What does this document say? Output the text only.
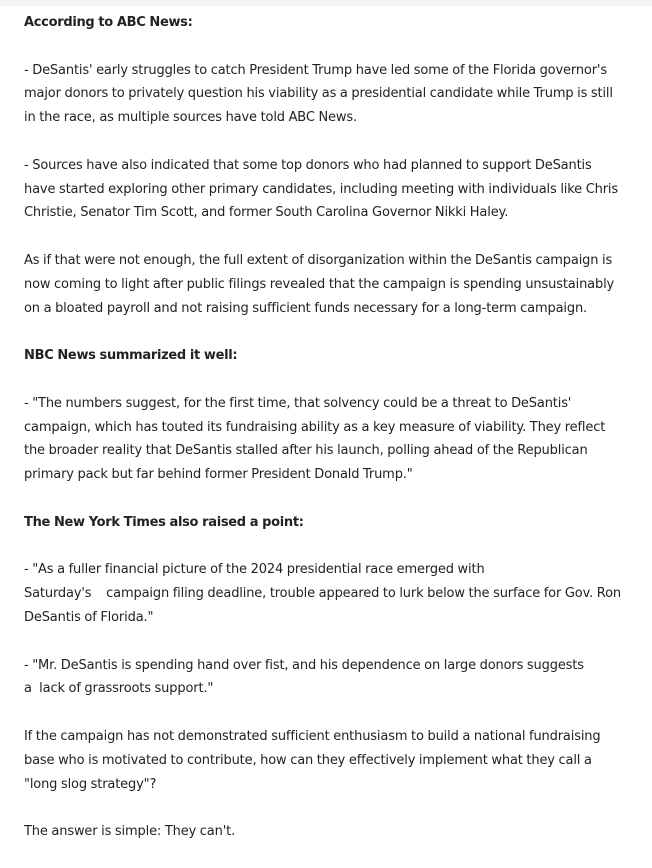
According to ABC News:

- DeSantis' early struggles to catch President Trump have led some of the Florida governor's
major donors to privately question his viability as a presidential candidate while Trump is still
in the race, as multiple sources have told ABC News.

- Sources have also indicated that some top donors who had planned to support DeSantis
have started exploring other primary candidates, including meeting with individuals like Chris
Christie, Senator Tim Scott, and former South Carolina Governor Nikki Haley.

As if that were not enough, the full extent of disorganization within the DeSantis campaign is
now coming to light after public filings revealed that the campaign is spending unsustainably
on a bloated payroll and not raising sufficient funds necessary for a long-term campaign.

NBC News summarized it well:

- "The numbers suggest, for the first time, that solvency could be a threat to DeSantis'
campaign, which has touted its fundraising ability as a key measure of viability. They reflect
the broader reality that DeSantis stalled after his launch, polling ahead of the Republican
primary pack but far behind former President Donald Trump."

The New York Times also raised a point:

- "As a fuller financial picture of the 2024 presidential race emerged with
Saturday's    campaign filing deadline, trouble appeared to lurk below the surface for Gov. Ron
DeSantis of Florida."

- "Mr. DeSantis is spending hand over fist, and his dependence on large donors suggests
a  lack of grassroots support."

If the campaign has not demonstrated sufficient enthusiasm to build a national fundraising
base who is motivated to contribute, how can they effectively implement what they call a
"long slog strategy"?

The answer is simple: They can't.
